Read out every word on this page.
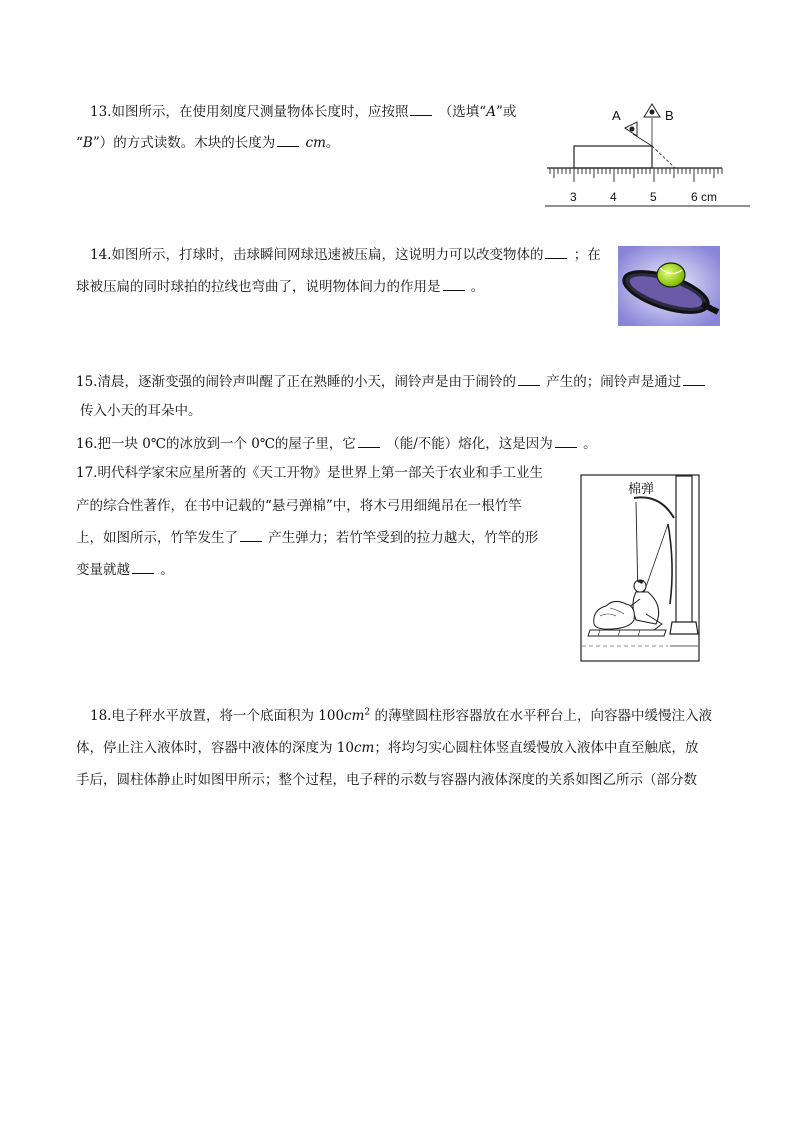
13.如图所示，在使用刻度尺测量物体长度时，应按照 （选填“A”或
“B”）的方式读数。木块的长度为 cm。
A	B
3	4	5	6 cm
14.如图所示，打球时，击球瞬间网球迅速被压扁，这说明力可以改变物体的 ；在
球被压扁的同时球拍的拉线也弯曲了，说明物体间力的作用是 。
15.清晨，逐渐变强的闹铃声叫醒了正在熟睡的小天，闹铃声是由于闹铃的 产生的；闹铃声是通过
传入小天的耳朵中。
16.把一块 0℃的冰放到一个 0℃的屋子里，它 （能/不能）熔化，这是因为 。
17.明代科学家宋应星所著的《天工开物》是世界上第一部关于农业和手工业生
产的综合性著作，在书中记载的“悬弓弹棉”中，将木弓用细绳吊在一根竹竿
上，如图所示，竹竿发生了 产生弹力；若竹竿受到的拉力越大，竹竿的形
变量就越 。
棉弹
18.电子秤水平放置，将一个底面积为 $100cm^2$ 的薄壁圆柱形容器放在水平秤台上，向容器中缓慢注入液
体，停止注入液体时，容器中液体的深度为 10cm；将均匀实心圆柱体竖直缓慢放入液体中直至触底，放
手后，圆柱体静止时如图甲所示；整个过程，电子秤的示数与容器内液体深度的关系如图乙所示（部分数
